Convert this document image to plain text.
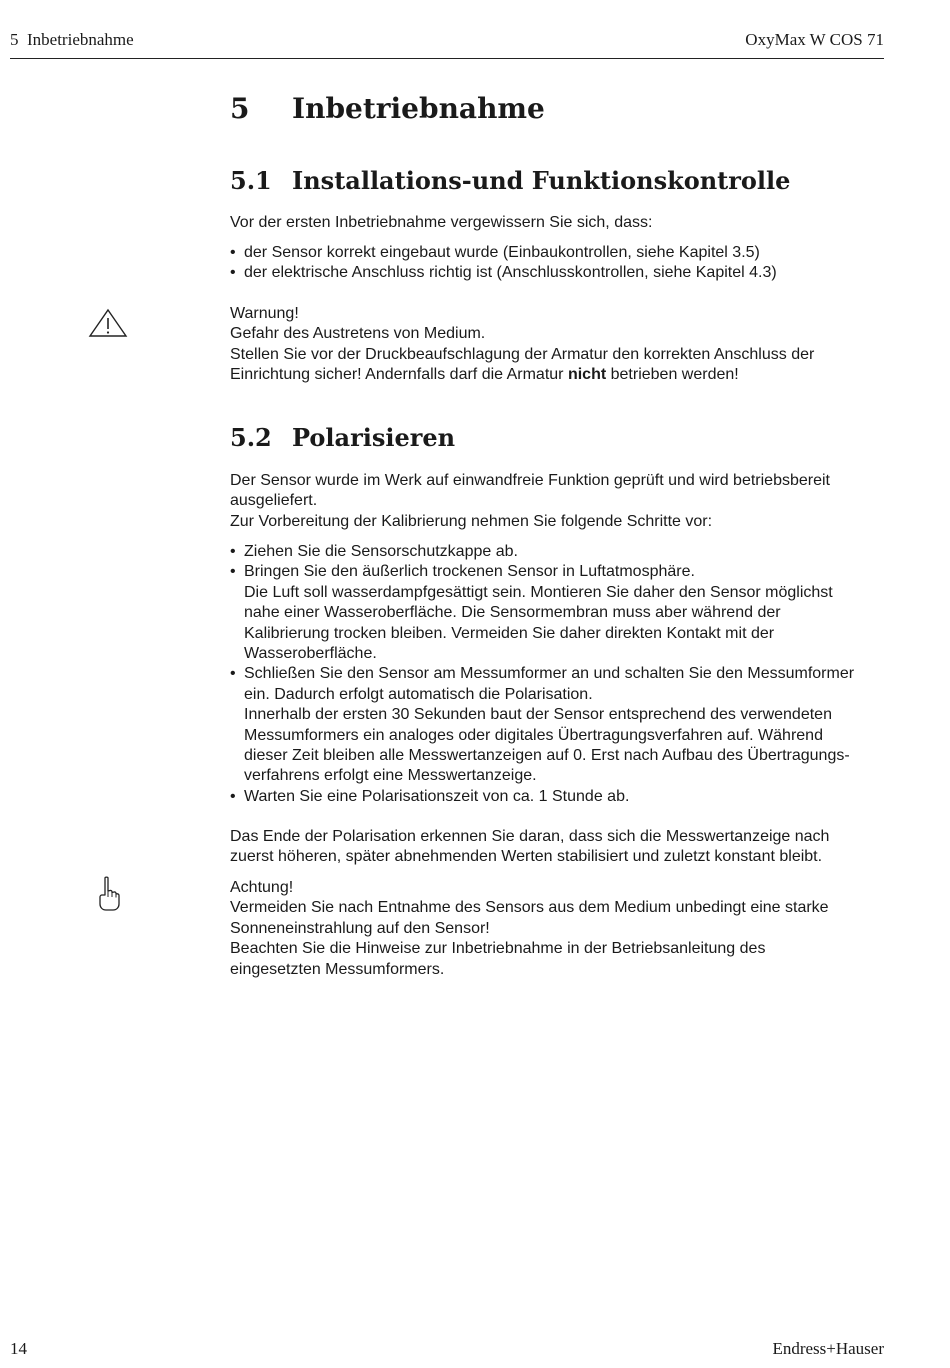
5  Inbetriebnahme	OxyMax W COS 71
5 Inbetriebnahme
5.1 Installations-und Funktionskontrolle

Vor der ersten Inbetriebnahme vergewissern Sie sich, dass:

• der Sensor korrekt eingebaut wurde (Einbaukontrollen, siehe Kapitel 3.5)
• der elektrische Anschluss richtig ist (Anschlusskontrollen, siehe Kapitel 4.3)

Warnung!

Gefahr des Austretens von Medium.

Stellen Sie vor der Druckbeaufschlagung der Armatur den korrekten Anschluss der

Einrichtung sicher! Andernfalls darf die Armatur nicht betrieben werden!

5.2 Polarisieren

Der Sensor wurde im Werk auf einwandfreie Funktion geprüft und wird betriebsbereit

ausgeliefert.

Zur Vorbereitung der Kalibrierung nehmen Sie folgende Schritte vor:

• Ziehen Sie die Sensorschutzkappe ab.
• Bringen Sie den äußerlich trockenen Sensor in Luftatmosphäre.
Die Luft soll wasserdampfgesättigt sein. Montieren Sie daher den Sensor möglichst
nahe einer Wasseroberfläche. Die Sensormembran muss aber während der
Kalibrierung trocken bleiben. Vermeiden Sie daher direkten Kontakt mit der
Wasseroberfläche.
• Schließen Sie den Sensor am Messumformer an und schalten Sie den Messumformer
ein. Dadurch erfolgt automatisch die Polarisation.
Innerhalb der ersten 30 Sekunden baut der Sensor entsprechend des verwendeten
Messumformers ein analoges oder digitales Übertragungsverfahren auf. Während
dieser Zeit bleiben alle Messwertanzeigen auf 0. Erst nach Aufbau des Übertragungs-
verfahrens erfolgt eine Messwertanzeige.
• Warten Sie eine Polarisationszeit von ca. 1 Stunde ab.

Das Ende der Polarisation erkennen Sie daran, dass sich die Messwertanzeige nach

zuerst höheren, später abnehmenden Werten stabilisiert und zuletzt konstant bleibt.

Achtung!

Vermeiden Sie nach Entnahme des Sensors aus dem Medium unbedingt eine starke

Sonneneinstrahlung auf den Sensor!

Beachten Sie die Hinweise zur Inbetriebnahme in der Betriebsanleitung des

eingesetzten Messumformers.

14	Endress+Hauser
